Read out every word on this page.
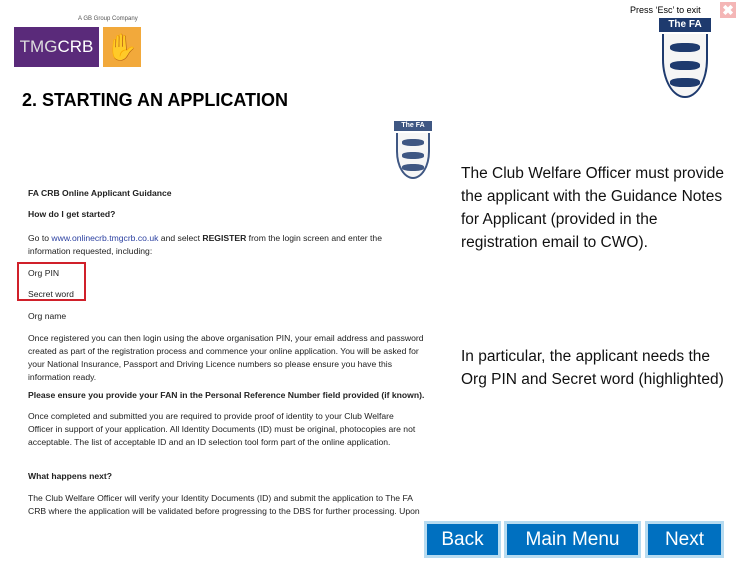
Press ‘Esc’ to exit ✖
A GB Group Company
TMGCRB ✋
The FA
2. STARTING AN APPLICATION
The FA
FA CRB Online Applicant Guidance
How do I get started?
Go to www.onlinecrb.tmgcrb.co.uk and select REGISTER from the login screen and enter the
information requested, including:
Org PIN
Secret word
Org name
Once registered you can then login using the above organisation PIN, your email address and password
created as part of the registration process and commence your online application. You will be asked for
your National Insurance, Passport and Driving Licence numbers so please ensure you have this
information ready.
Please ensure you provide your FAN in the Personal Reference Number field provided (if known).
Once completed and submitted you are required to provide proof of identity to your Club Welfare
Officer in support of your application. All Identity Documents (ID) must be original, photocopies are not
acceptable. The list of acceptable ID and an ID selection tool form part of the online application.
What happens next?
The Club Welfare Officer will verify your Identity Documents (ID) and submit the application to The FA
CRB where the application will be validated before progressing to the DBS for further processing. Upon
The Club Welfare Officer must provide the applicant with the Guidance Notes for Applicant (provided in the registration email to CWO).
In particular, the applicant needs the Org PIN and Secret word (highlighted)
Back	Main Menu	Next
